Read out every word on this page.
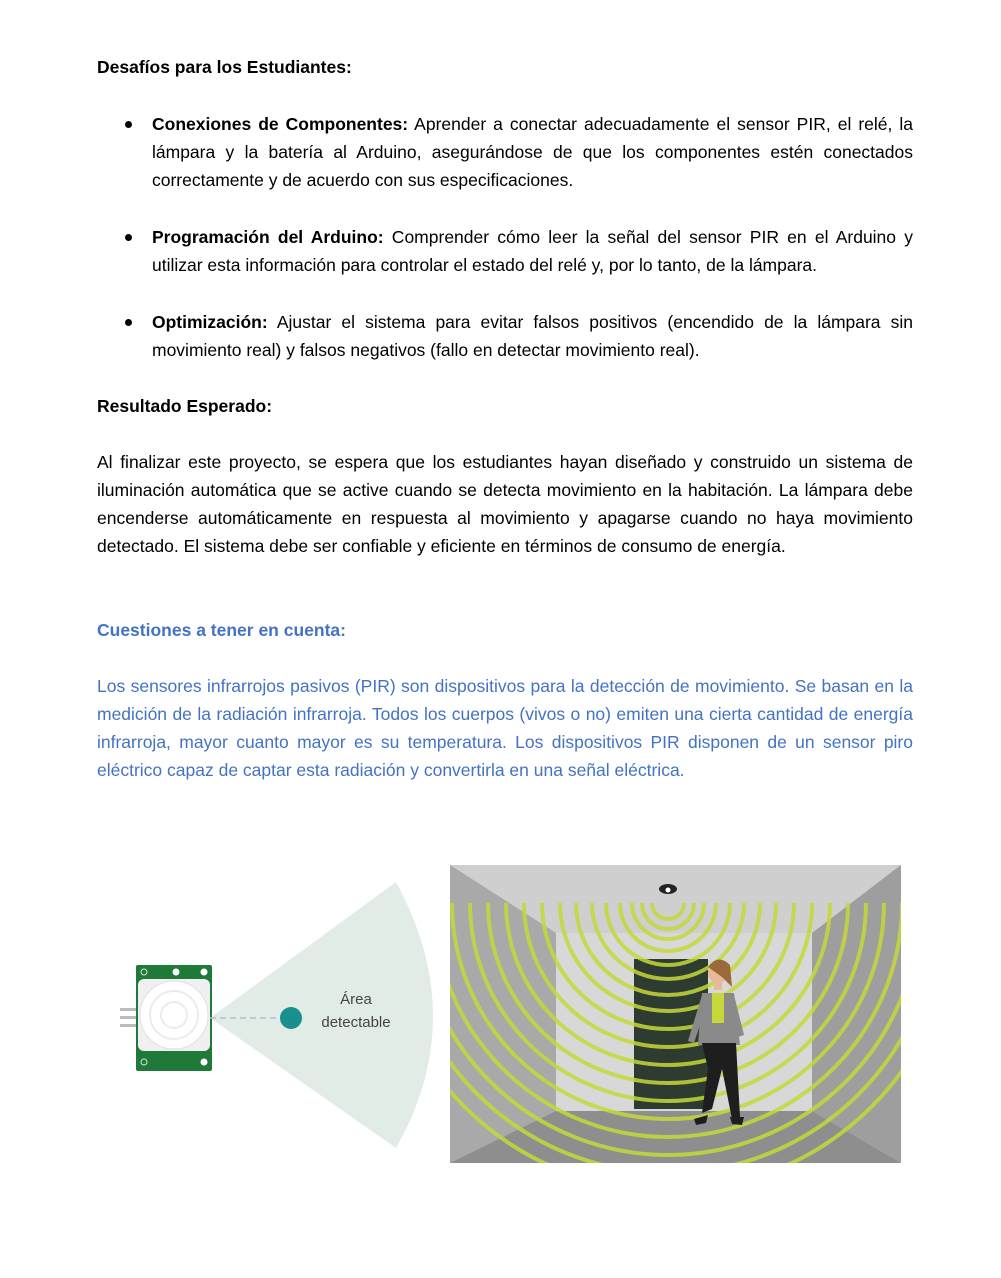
Desafíos para los Estudiantes:
Conexiones de Componentes: Aprender a conectar adecuadamente el sensor PIR, el relé, la lámpara y la batería al Arduino, asegurándose de que los componentes estén conectados correctamente y de acuerdo con sus especificaciones.
Programación del Arduino: Comprender cómo leer la señal del sensor PIR en el Arduino y utilizar esta información para controlar el estado del relé y, por lo tanto, de la lámpara.
Optimización: Ajustar el sistema para evitar falsos positivos (encendido de la lámpara sin movimiento real) y falsos negativos (fallo en detectar movimiento real).
Resultado Esperado:
Al finalizar este proyecto, se espera que los estudiantes hayan diseñado y construido un sistema de iluminación automática que se active cuando se detecta movimiento en la habitación. La lámpara debe encenderse automáticamente en respuesta al movimiento y apagarse cuando no haya movimiento detectado. El sistema debe ser confiable y eficiente en términos de consumo de energía.
Cuestiones a tener en cuenta:
Los sensores infrarrojos pasivos (PIR) son dispositivos para la detección de movimiento. Se basan en la medición de la radiación infrarroja. Todos los cuerpos (vivos o no) emiten una cierta cantidad de energía infrarroja, mayor cuanto mayor es su temperatura. Los dispositivos PIR disponen de un sensor piro eléctrico capaz de captar esta radiación y convertirla en una señal eléctrica.
Área
detectable
